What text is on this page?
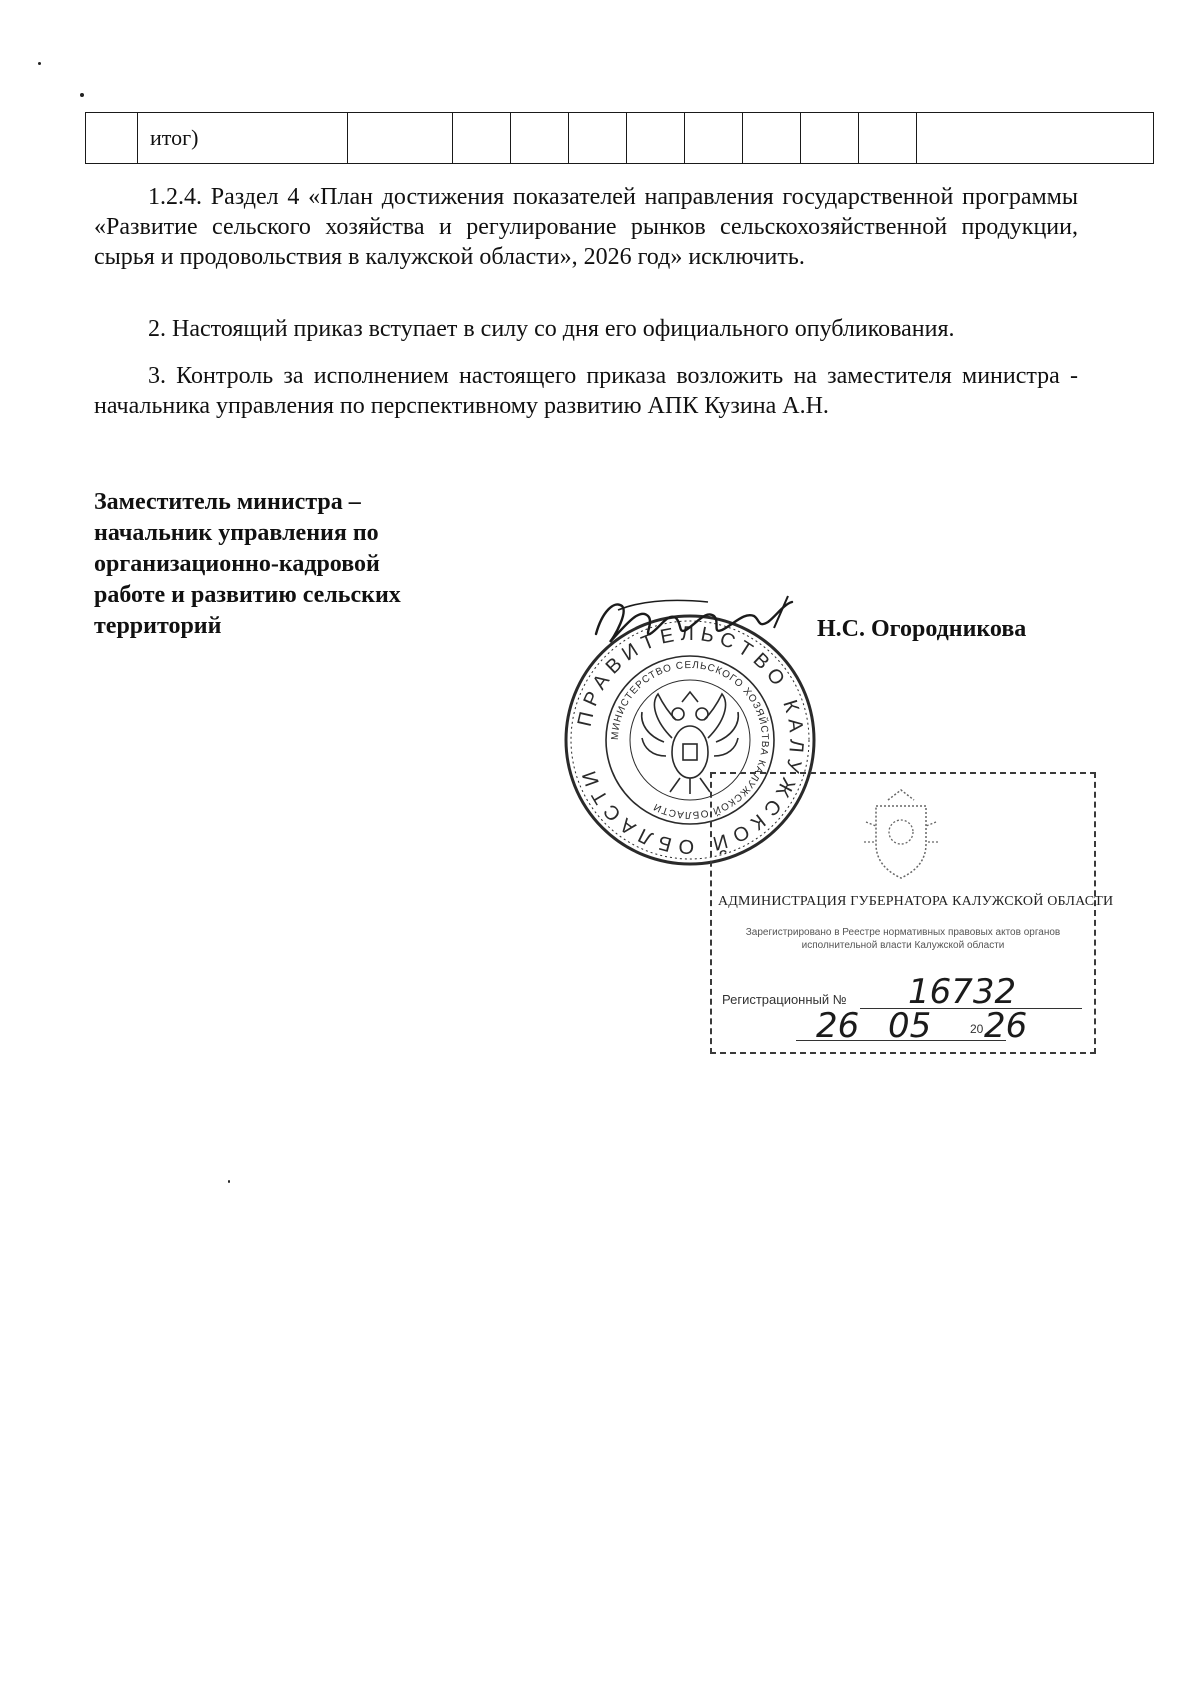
	итог)										

1.2.4. Раздел 4 «План достижения показателей направления государственной программы «Развитие сельского хозяйства и регулирование рынков сельскохозяйственной продукции, сырья и продовольствия в калужской области», 2026 год» исключить.

2. Настоящий приказ вступает в силу со дня его официального опубликования.

3. Контроль за исполнением настоящего приказа возложить на заместителя министра - начальника управления по перспективному развитию АПК Кузина А.Н.

Заместитель министра – начальник управления по организационно-кадровой работе и развитию сельских территорий	Н.С. Огородникова
ПРАВИТЕЛЬСТВО КАЛУЖСКОЙ ОБЛАСТИ
МИНИСТЕРСТВО СЕЛЬСКОГО ХОЗЯЙСТВА КАЛУЖСКОЙ ОБЛАСТИ
АДМИНИСТРАЦИЯ ГУБЕРНАТОРА КАЛУЖСКОЙ ОБЛАСТИ
Зарегистрировано в Реестре нормативных правовых актов органов исполнительной власти Калужской области
Регистрационный № 16732
26 05	20 26
